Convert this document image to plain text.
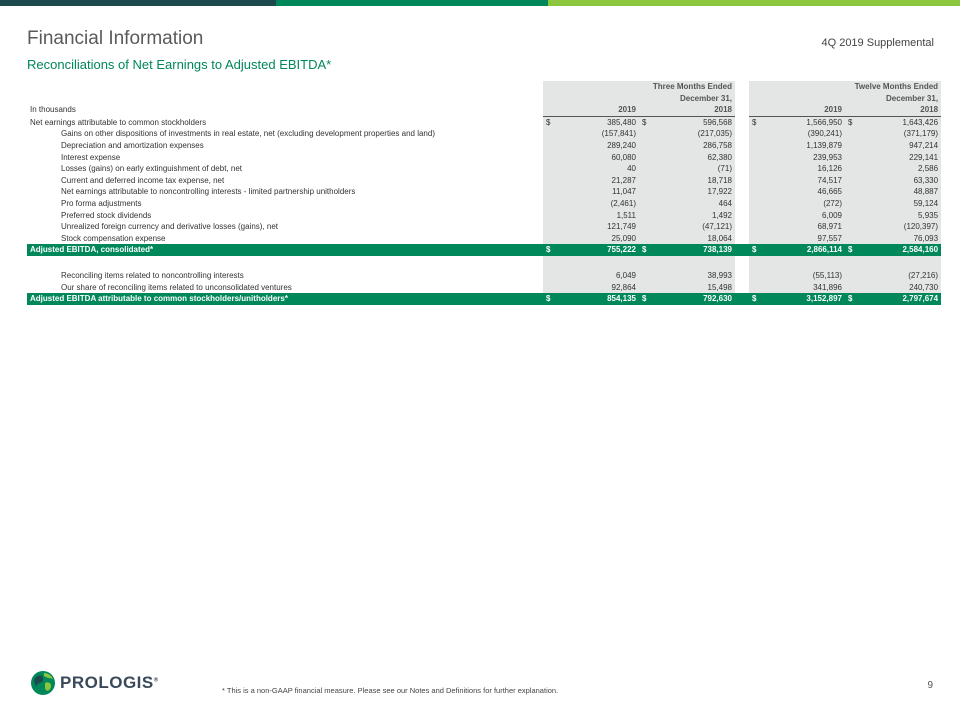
Financial Information
Reconciliations of Net Earnings to Adjusted EBITDA*
4Q 2019 Supplemental
	Three Months Ended					Twelve Months Ended			
	December 31,					December 31,			
In thousands		2019		2018			2019		2018
Net earnings attributable to common stockholders	$	385,480	$	596,568		$	1,566,950	$	1,643,426
Gains on other dispositions of investments in real estate, net (excluding development properties and land)		(157,841)		(217,035)			(390,241)		(371,179)
Depreciation and amortization expenses		289,240		286,758			1,139,879		947,214
Interest expense		60,080		62,380			239,953		229,141
Losses (gains) on early extinguishment of debt, net		40		(71)			16,126		2,586
Current and deferred income tax expense, net		21,287		18,718			74,517		63,330
Net earnings attributable to noncontrolling interests - limited partnership unitholders		11,047		17,922			46,665		48,887
Pro forma adjustments		(2,461)		464			(272)		59,124
Preferred stock dividends		1,511		1,492			6,009		5,935
Unrealized foreign currency and derivative losses (gains), net		121,749		(47,121)			68,971		(120,397)
Stock compensation expense		25,090		18,064			97,557		76,093
Adjusted EBITDA, consolidated*	$	755,222	$	738,139		$	2,866,114	$	2,584,160

Reconciling items related to noncontrolling interests		6,049		38,993			(55,113)		(27,216)
Our share of reconciling items related to unconsolidated ventures		92,864		15,498			341,896		240,730
Adjusted EBITDA attributable to common stockholders/unitholders*	$	854,135	$	792,630		$	3,152,897	$	2,797,674
PROLOGIS®
* This is a non-GAAP financial measure. Please see our Notes and Definitions for further explanation.	9
